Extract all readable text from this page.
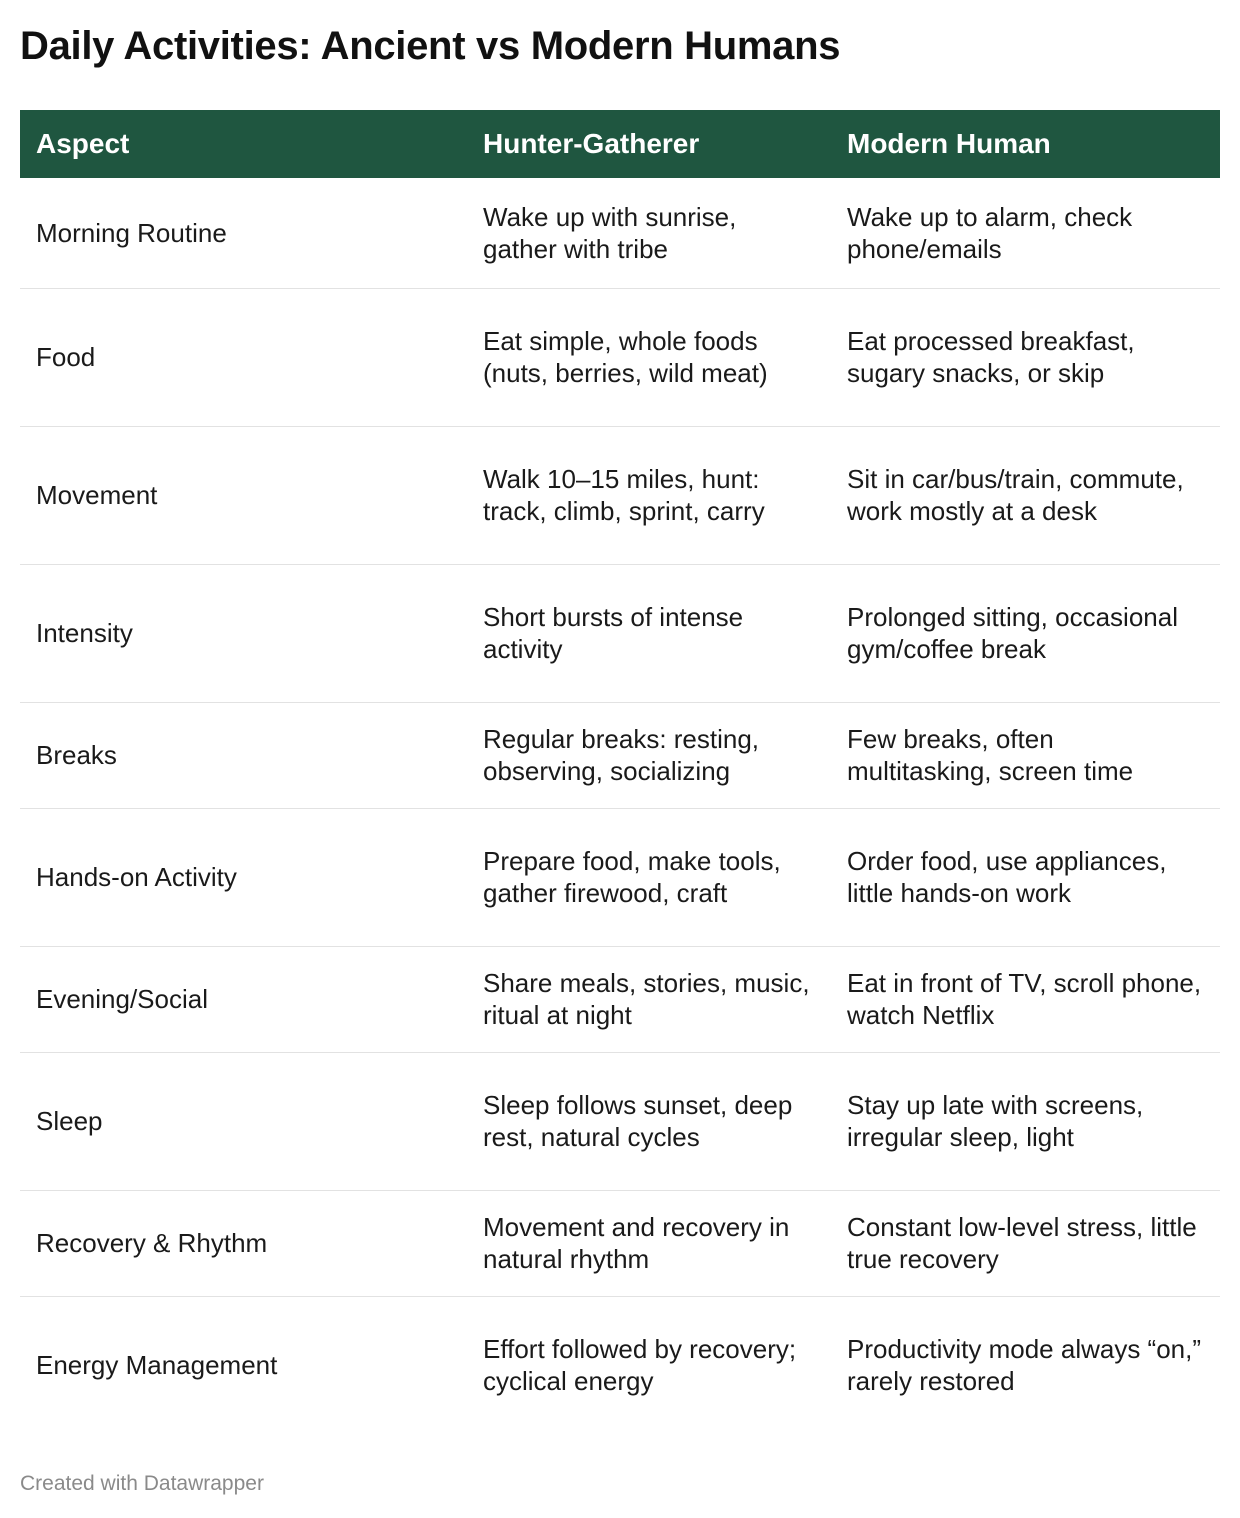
Daily Activities: Ancient vs Modern Humans
Aspect	Hunter-Gatherer	Modern Human
Morning Routine	Wake up with sunrise, gather with tribe	Wake up to alarm, check phone/emails
Food	Eat simple, whole foods (nuts, berries, wild meat)	Eat processed breakfast, sugary snacks, or skip
Movement	Walk 10–15 miles, hunt: track, climb, sprint, carry	Sit in car/bus/train, commute, work mostly at a desk
Intensity	Short bursts of intense activity	Prolonged sitting, occasional gym/coffee break
Breaks	Regular breaks: resting, observing, socializing	Few breaks, often multitasking, screen time
Hands-on Activity	Prepare food, make tools, gather firewood, craft	Order food, use appliances, little hands-on work
Evening/Social	Share meals, stories, music, ritual at night	Eat in front of TV, scroll phone, watch Netflix
Sleep	Sleep follows sunset, deep rest, natural cycles	Stay up late with screens, irregular sleep, light
Recovery & Rhythm	Movement and recovery in natural rhythm	Constant low-level stress, little true recovery
Energy Management	Effort followed by recovery; cyclical energy	Productivity mode always “on,” rarely restored
Created with Datawrapper
